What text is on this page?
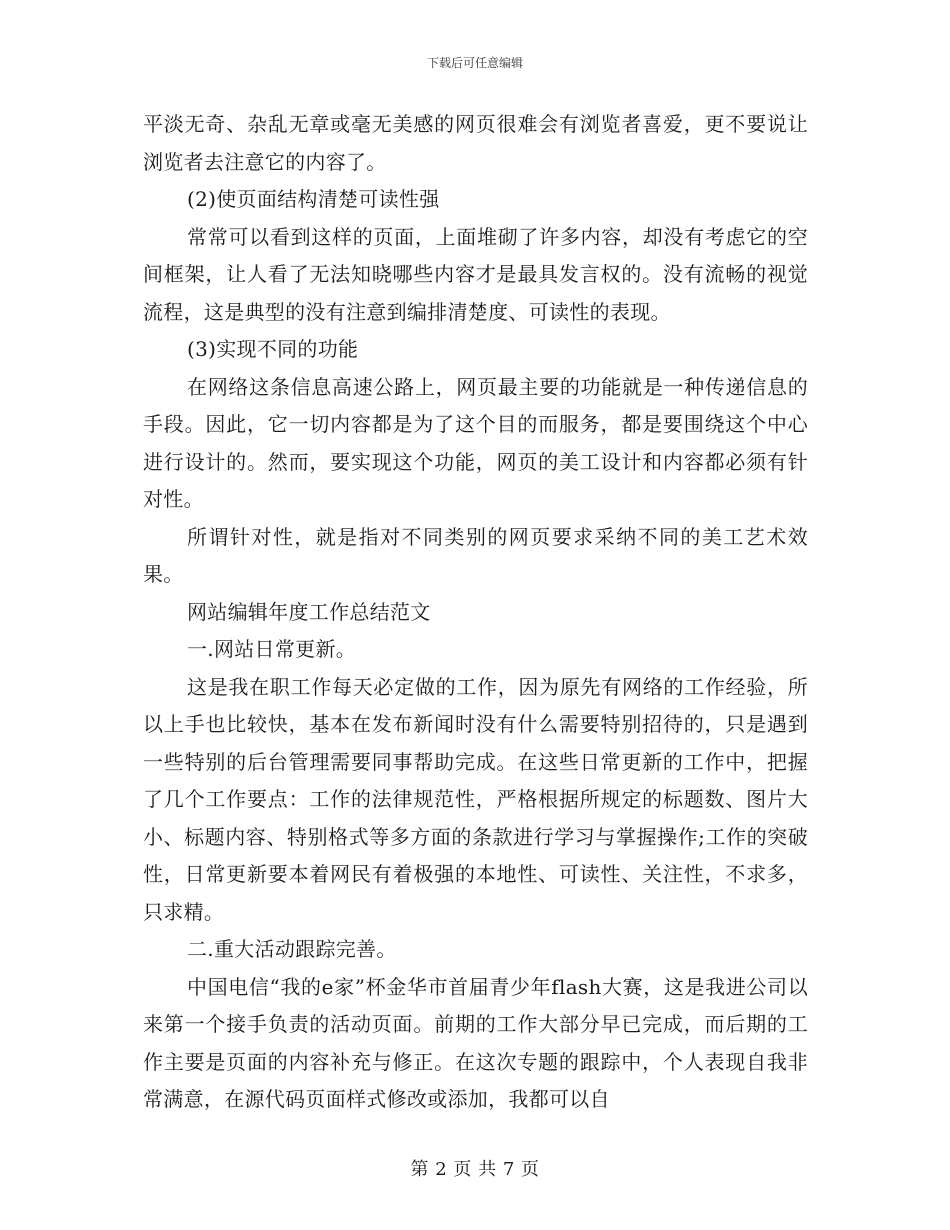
下载后可任意编辑

平淡无奇、杂乱无章或毫无美感的网页很难会有浏览者喜爱，更不要说让浏览者去注意它的内容了。

(2)使页面结构清楚可读性强

常常可以看到这样的页面，上面堆砌了许多内容，却没有考虑它的空间框架，让人看了无法知晓哪些内容才是最具发言权的。没有流畅的视觉流程，这是典型的没有注意到编排清楚度、可读性的表现。

(3)实现不同的功能

在网络这条信息高速公路上，网页最主要的功能就是一种传递信息的手段。因此，它一切内容都是为了这个目的而服务，都是要围绕这个中心进行设计的。然而，要实现这个功能，网页的美工设计和内容都必须有针对性。

所谓针对性，就是指对不同类别的网页要求采纳不同的美工艺术效果。

网站编辑年度工作总结范文

一.网站日常更新。

这是我在职工作每天必定做的工作，因为原先有网络的工作经验，所以上手也比较快，基本在发布新闻时没有什么需要特别招待的，只是遇到一些特别的后台管理需要同事帮助完成。在这些日常更新的工作中，把握了几个工作要点：工作的法律规范性，严格根据所规定的标题数、图片大小、标题内容、特别格式等多方面的条款进行学习与掌握操作;工作的突破性，日常更新要本着网民有着极强的本地性、可读性、关注性，不求多，只求精。

二.重大活动跟踪完善。

中国电信“我的e家”杯金华市首届青少年flash大赛，这是我进公司以来第一个接手负责的活动页面。前期的工作大部分早已完成，而后期的工作主要是页面的内容补充与修正。在这次专题的跟踪中，个人表现自我非常满意，在源代码页面样式修改或添加，我都可以自

第 2 页 共 7 页
